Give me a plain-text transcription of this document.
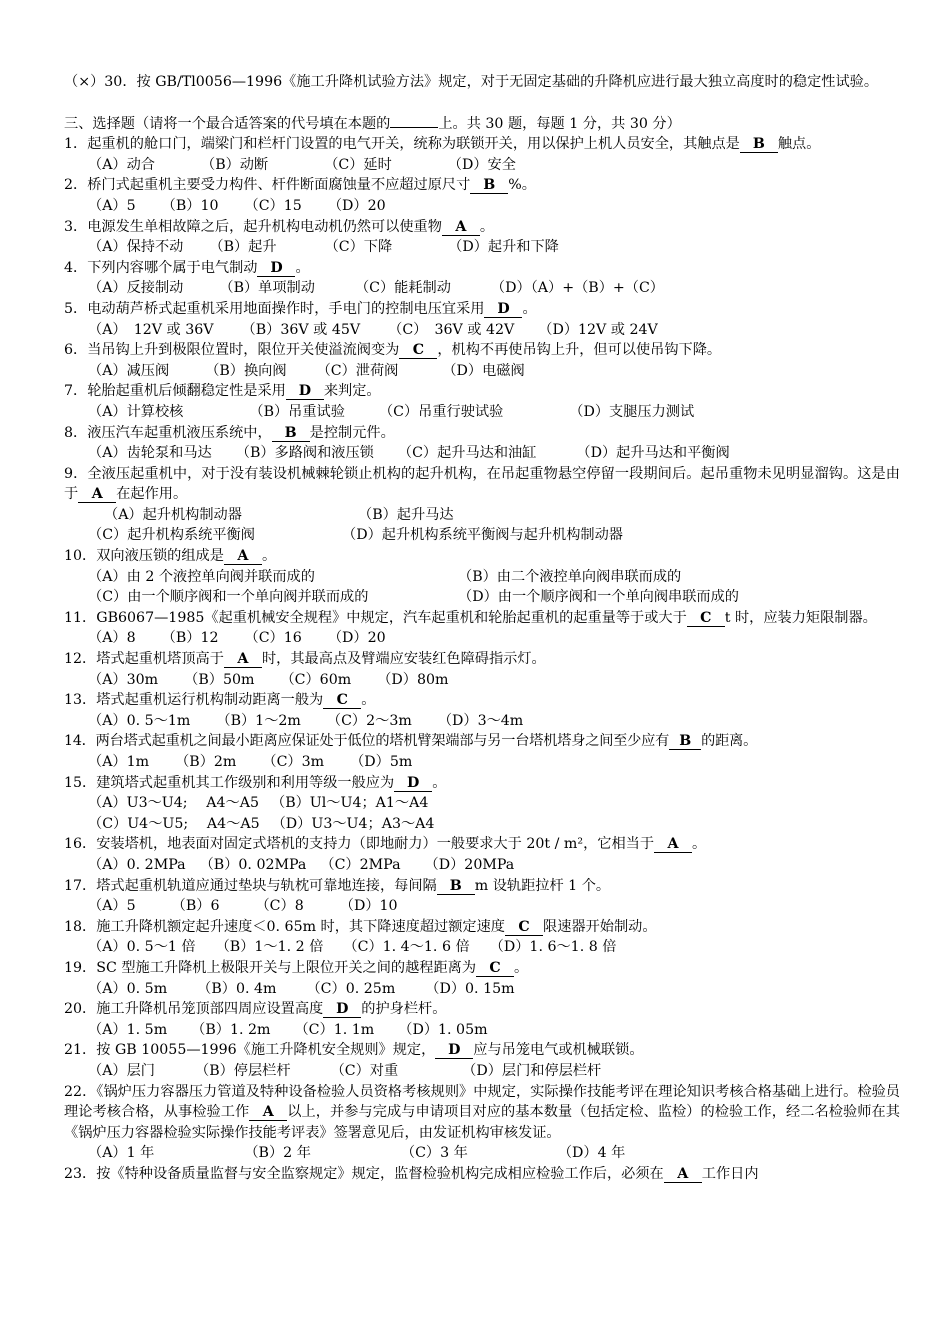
（×）30．按 GB/Tl0056—1996《施工升降机试验方法》规定，对于无固定基础的升降机应进行最大独立高度时的稳定性试验。

三、选择题（请将一个最合适答案的代号填在本题的	上。共 30 题，每题 1 分，共 30 分）

1．起重机的舱口门，端梁门和栏杆门设置的电气开关，统称为联锁开关，用以保护上机人员安全，其触点是 B 触点。

（A）动合	（B）动断	（C）延时	（D）安全

2．桥门式起重机主要受力构件、杆件断面腐蚀量不应超过原尺寸 B %。

（A）5 （B）10 （C）15 （D）20

3．电源发生单相故障之后，起升机构电动机仍然可以使重物 A 。

（A）保持不动 （B）起升	（C）下降	（D）起升和下降

4．下列内容哪个属于电气制动 D 。

（A）反接制动	（B）单项制动	（C）能耗制动	（D）（A）+（B）+（C）

5．电动葫芦桥式起重机采用地面操作时，手电门的控制电压宜采用 D 。

（A）　12V 或 36V （B）36V 或 45V （C）　36V 或 42V （D）12V 或 24V

6．当吊钩上升到极限位置时，限位开关使溢流阀变为 C ，机构不再使吊钩上升，但可以使吊钩下降。

（A）减压阀	（B）换向阀 （C）泄荷阀	（D）电磁阀

7．轮胎起重机后倾翻稳定性是采用 D 来判定。

（A）计算校核	（B）吊重试验 （C）吊重行驶试验	（D）支腿压力测试

8．液压汽车起重机液压系统中， B 是控制元件。

（A）齿轮泵和马达 （B）多路阀和液压锁 （C）起升马达和油缸	（D）起升马达和平衡阀

9．全液压起重机中，对于没有装设机械棘轮锁止机构的起升机构，在吊起重物悬空停留一段期间后。起吊重物未见明显溜钩。这是由于 A 在起作用。

（A）起升机构制动器	（B）起升马达
（C）起升机构系统平衡阀	（D）起升机构系统平衡阀与起升机构制动器

10．双向液压锁的组成是 A 。

（A）由 2 个液控单向阀并联而成的	（B）由二个液控单向阀串联而成的
（C）由一个顺序阀和一个单向阀并联而成的	（D）由一个顺序阀和一个单向阀串联而成的

11．GB6067—1985《起重机械安全规程》中规定，汽车起重机和轮胎起重机的起重量等于或大于 C t 时，应装力矩限制器。

（A）8 （B）12 （C）16 （D）20

12．塔式起重机塔顶高于 A 时，其最高点及臂端应安装红色障碍指示灯。

（A）30m （B）50m （C）60m （D）80m

13．塔式起重机运行机构制动距离一般为 C 。

（A）0. 5～1m （B）1～2m （C）2～3m （D）3～4m

14．两台塔式起重机之间最小距离应保证处于低位的塔机臂架端部与另一台塔机塔身之间至少应有 B 的距离。

（A）1m （B）2m （C）3m （D）5m

15．建筑塔式起重机其工作级别和利用等级一般应为 D 。

（A）U3～U4;　 A4～A5 （B）Ul～U4；A1～A4

（C）U4～U5;　 A4～A5 （D）U3～U4；A3～A4

16．安装塔机，地表面对固定式塔机的支持力（即地耐力）一般要求大于 20t / m²，它相当于 A 。

（A）0. 2MPa （B）0. 02MPa （C）2MPa （D）20MPa

17．塔式起重机轨道应通过垫块与轨枕可靠地连接，每间隔 B m 设轨距拉杆 1 个。

（A）5	（B）6	（C）8	（D）10

18．施工升降机额定起升速度＜0. 65m 时，其下降速度超过额定速度 C 限速器开始制动。

（A）0. 5～1 倍 （B）1～1. 2 倍 （C）1. 4～1. 6 倍 （D）1. 6～1. 8 倍

19．SC 型施工升降机上极限开关与上限位开关之间的越程距离为 C 。

（A）0. 5m （B）0. 4m （C）0. 25m （D）0. 15m

20．施工升降机吊笼顶部四周应设置高度 D 的护身栏杆。

（A）1. 5m （B）1. 2m （C）1. 1m （D）1. 05m

21．按 GB 10055—1996《施工升降机安全规则》规定， D 应与吊笼电气或机械联锁。

（A）层门	（B）停层栏杆	（C）对重	（D）层门和停层栏杆

22．《锅炉压力容器压力管道及特种设备检验人员资格考核规则》中规定，实际操作技能考评在理论知识考核合格基础上进行。检验员理论考核合格，从事检验工作 A 以上，并参与完成与申请项目对应的基本数量（包括定检、监检）的检验工作，经二名检验师在其《锅炉压力容器检验实际操作技能考评表》签署意见后，由发证机构审核发证。

（A）1 年	（B）2 年	（C）3 年	（D）4 年

23．按《特种设备质量监督与安全监察规定》规定，监督检验机构完成相应检验工作后，必须在 A 工作日内
